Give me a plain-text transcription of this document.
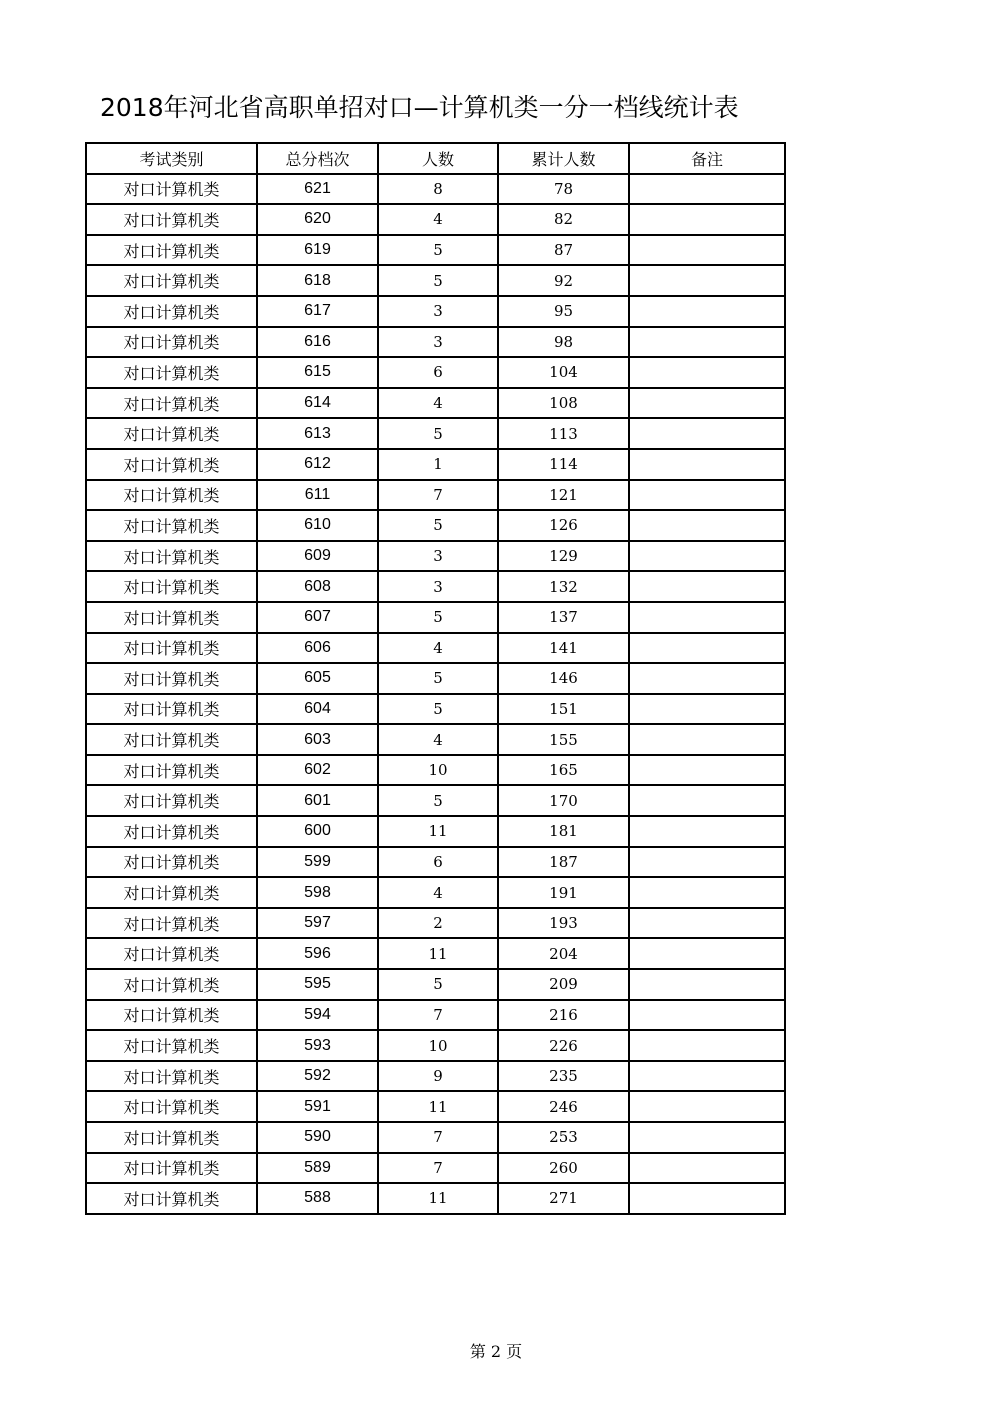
2018年河北省高职单招对口—计算机类一分一档线统计表
考试类别	总分档次	人数	累计人数	备注
对口计算机类	621	8	78	
对口计算机类	620	4	82	
对口计算机类	619	5	87	
对口计算机类	618	5	92	
对口计算机类	617	3	95	
对口计算机类	616	3	98	
对口计算机类	615	6	104	
对口计算机类	614	4	108	
对口计算机类	613	5	113	
对口计算机类	612	1	114	
对口计算机类	611	7	121	
对口计算机类	610	5	126	
对口计算机类	609	3	129	
对口计算机类	608	3	132	
对口计算机类	607	5	137	
对口计算机类	606	4	141	
对口计算机类	605	5	146	
对口计算机类	604	5	151	
对口计算机类	603	4	155	
对口计算机类	602	10	165	
对口计算机类	601	5	170	
对口计算机类	600	11	181	
对口计算机类	599	6	187	
对口计算机类	598	4	191	
对口计算机类	597	2	193	
对口计算机类	596	11	204	
对口计算机类	595	5	209	
对口计算机类	594	7	216	
对口计算机类	593	10	226	
对口计算机类	592	9	235	
对口计算机类	591	11	246	
对口计算机类	590	7	253	
对口计算机类	589	7	260	
对口计算机类	588	11	271	
第 2 页
